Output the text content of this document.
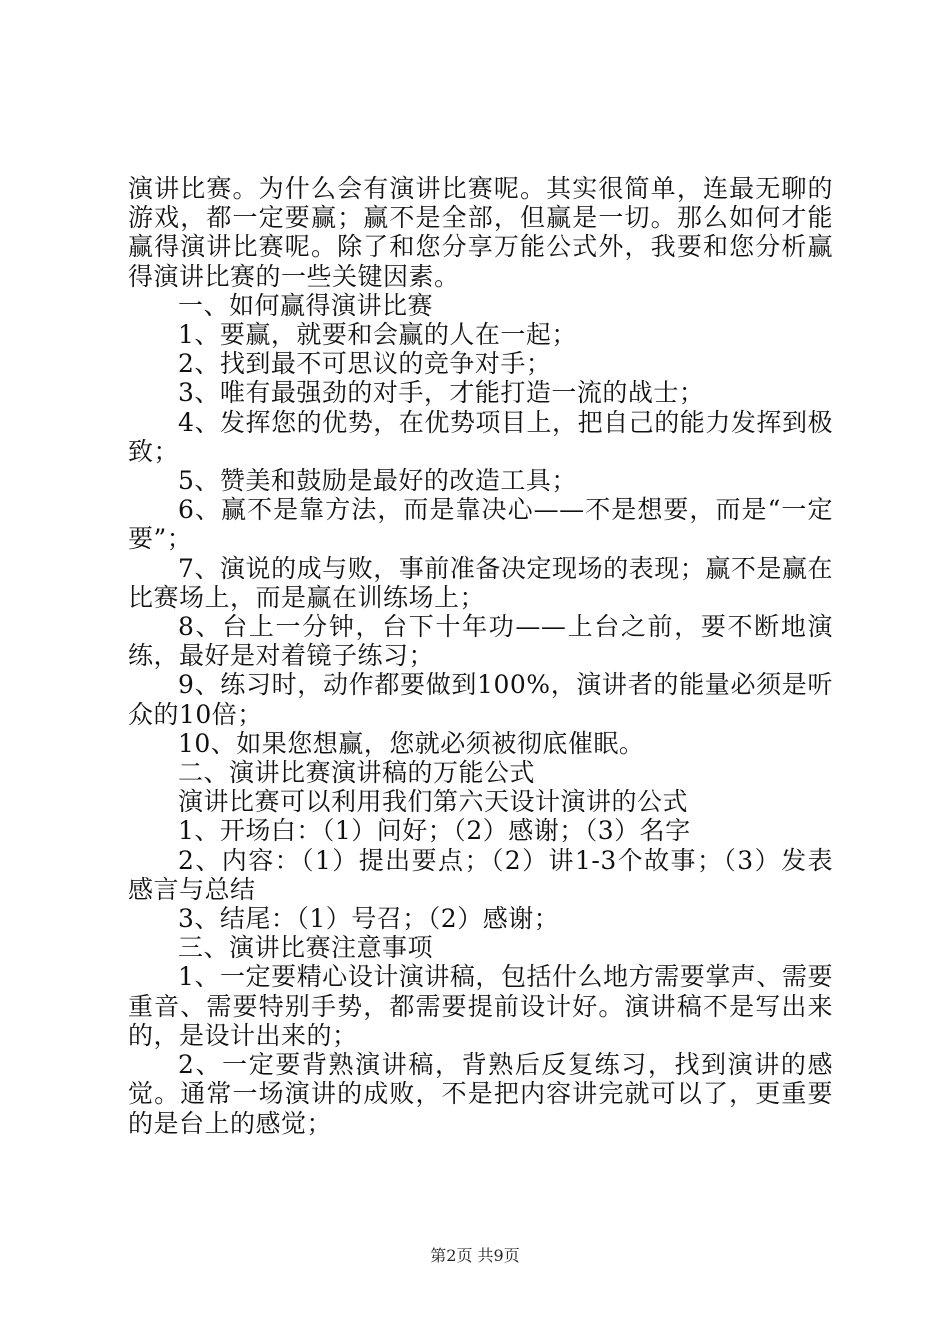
演讲比赛。为什么会有演讲比赛呢。其实很简单，连最无聊的游戏，都一定要赢；赢不是全部，但赢是一切。那么如何才能赢得演讲比赛呢。除了和您分享万能公式外，我要和您分析赢得演讲比赛的一些关键因素。

一、如何赢得演讲比赛

1、要赢，就要和会赢的人在一起；

2、找到最不可思议的竞争对手；

3、唯有最强劲的对手，才能打造一流的战士；

4、发挥您的优势，在优势项目上，把自己的能力发挥到极致；

5、赞美和鼓励是最好的改造工具；

6、赢不是靠方法，而是靠决心——不是想要，而是“一定要”；

7、演说的成与败，事前准备决定现场的表现；赢不是赢在比赛场上，而是赢在训练场上；

8、台上一分钟，台下十年功——上台之前，要不断地演练，最好是对着镜子练习；

9、练习时，动作都要做到100%，演讲者的能量必须是听众的10倍；

10、如果您想赢，您就必须被彻底催眠。

二、演讲比赛演讲稿的万能公式

演讲比赛可以利用我们第六天设计演讲的公式

1、开场白：（1）问好；（2）感谢；（3）名字

2、内容：（1）提出要点；（2）讲1-3个故事；（3）发表感言与总结

3、结尾：（1）号召；（2）感谢；

三、演讲比赛注意事项

1、一定要精心设计演讲稿，包括什么地方需要掌声、需要重音、需要特别手势，都需要提前设计好。演讲稿不是写出来的，是设计出来的；

2、一定要背熟演讲稿，背熟后反复练习，找到演讲的感觉。通常一场演讲的成败，不是把内容讲完就可以了，更重要的是台上的感觉；

第2页 共9页
